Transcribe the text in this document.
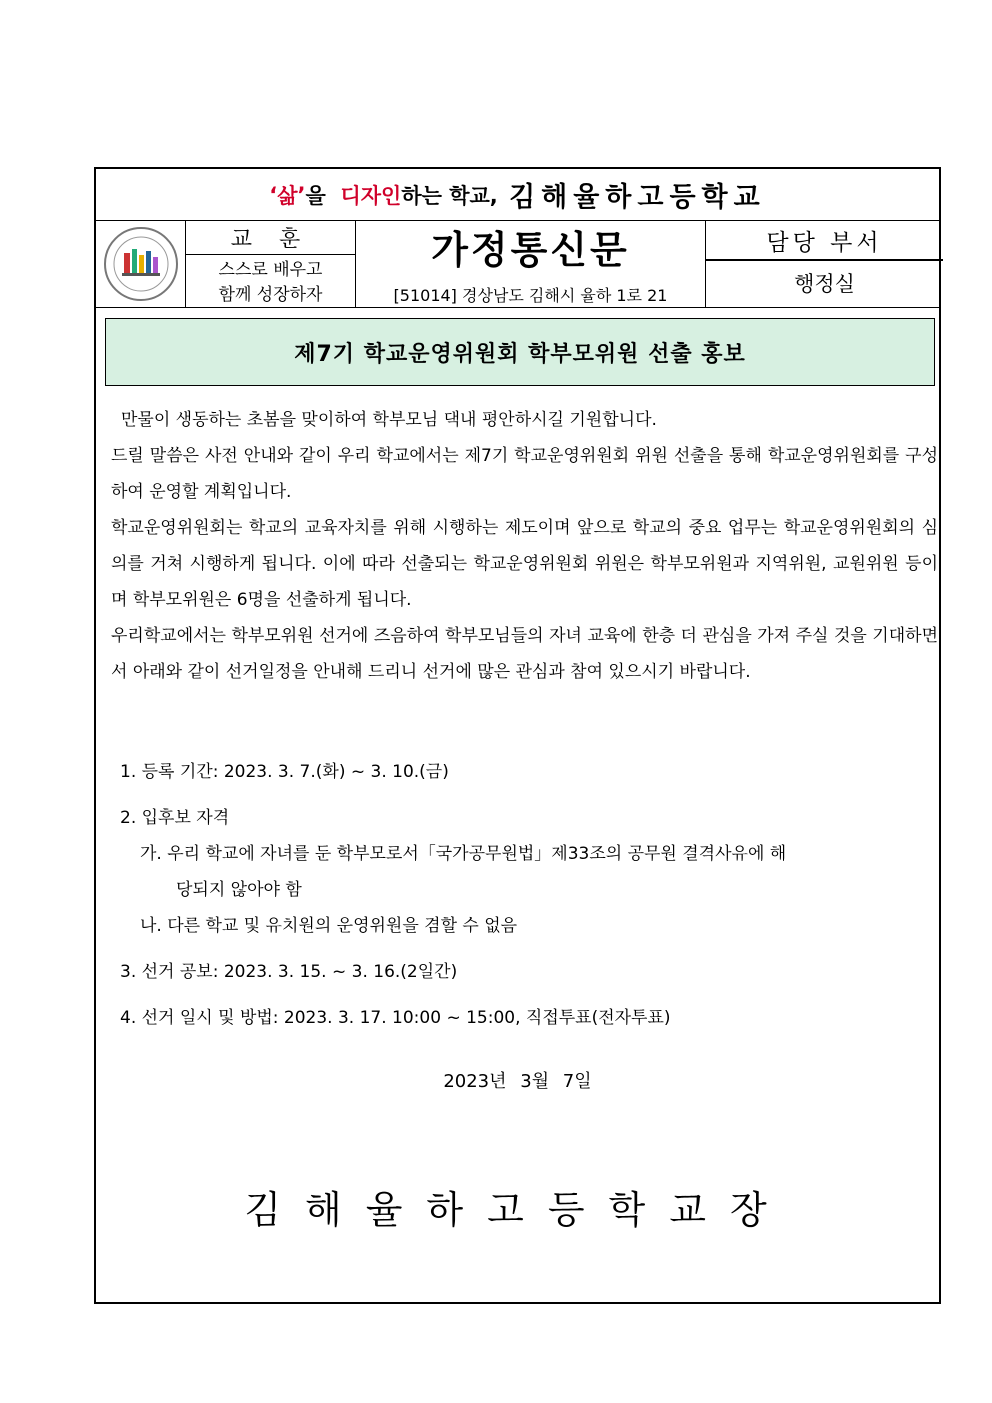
‘ 삶 ’ 을 디자인 하는 학교, 김해율하고등학교
교 훈
스스로 배우고
함께 성장하자
가정통신문
[51014] 경상남도 김해시 율하 1로 21
담당 부서
행정실
제7기 학교운영위원회 학부모위원 선출 홍보

만물이 생동하는 초봄을 맞이하여 학부모님 댁내 평안하시길 기원합니다.

드릴 말씀은 사전 안내와 같이 우리 학교에서는 제7기 학교운영위원회 위원 선출을 통해 학교운영위원회를 구성하여 운영할 계획입니다.

학교운영위원회는 학교의 교육자치를 위해 시행하는 제도이며 앞으로 학교의 중요 업무는 학교운영위원회의 심의를 거쳐 시행하게 됩니다. 이에 따라 선출되는 학교운영위원회 위원은 학부모위원과 지역위원, 교원위원 등이며 학부모위원은 6명을 선출하게 됩니다.

우리학교에서는 학부모위원 선거에 즈음하여 학부모님들의 자녀 교육에 한층 더 관심을 가져 주실 것을 기대하면서 아래와 같이 선거일정을 안내해 드리니 선거에 많은 관심과 참여 있으시기 바랍니다.

1. 등록 기간: 2023. 3. 7.(화) ~ 3. 10.(금)

2. 입후보 자격

가. 우리 학교에 자녀를 둔 학부모로서「국가공무원법」제33조의 공무원 결격사유에 해

당되지 않아야 함

나. 다른 학교 및 유치원의 운영위원을 겸할 수 없음

3. 선거 공보: 2023. 3. 15. ~ 3. 16.(2일간)

4. 선거 일시 및 방법: 2023. 3. 17. 10:00 ~ 15:00, 직접투표(전자투표)

2023년 3월 7일
김해율하고등학교장
